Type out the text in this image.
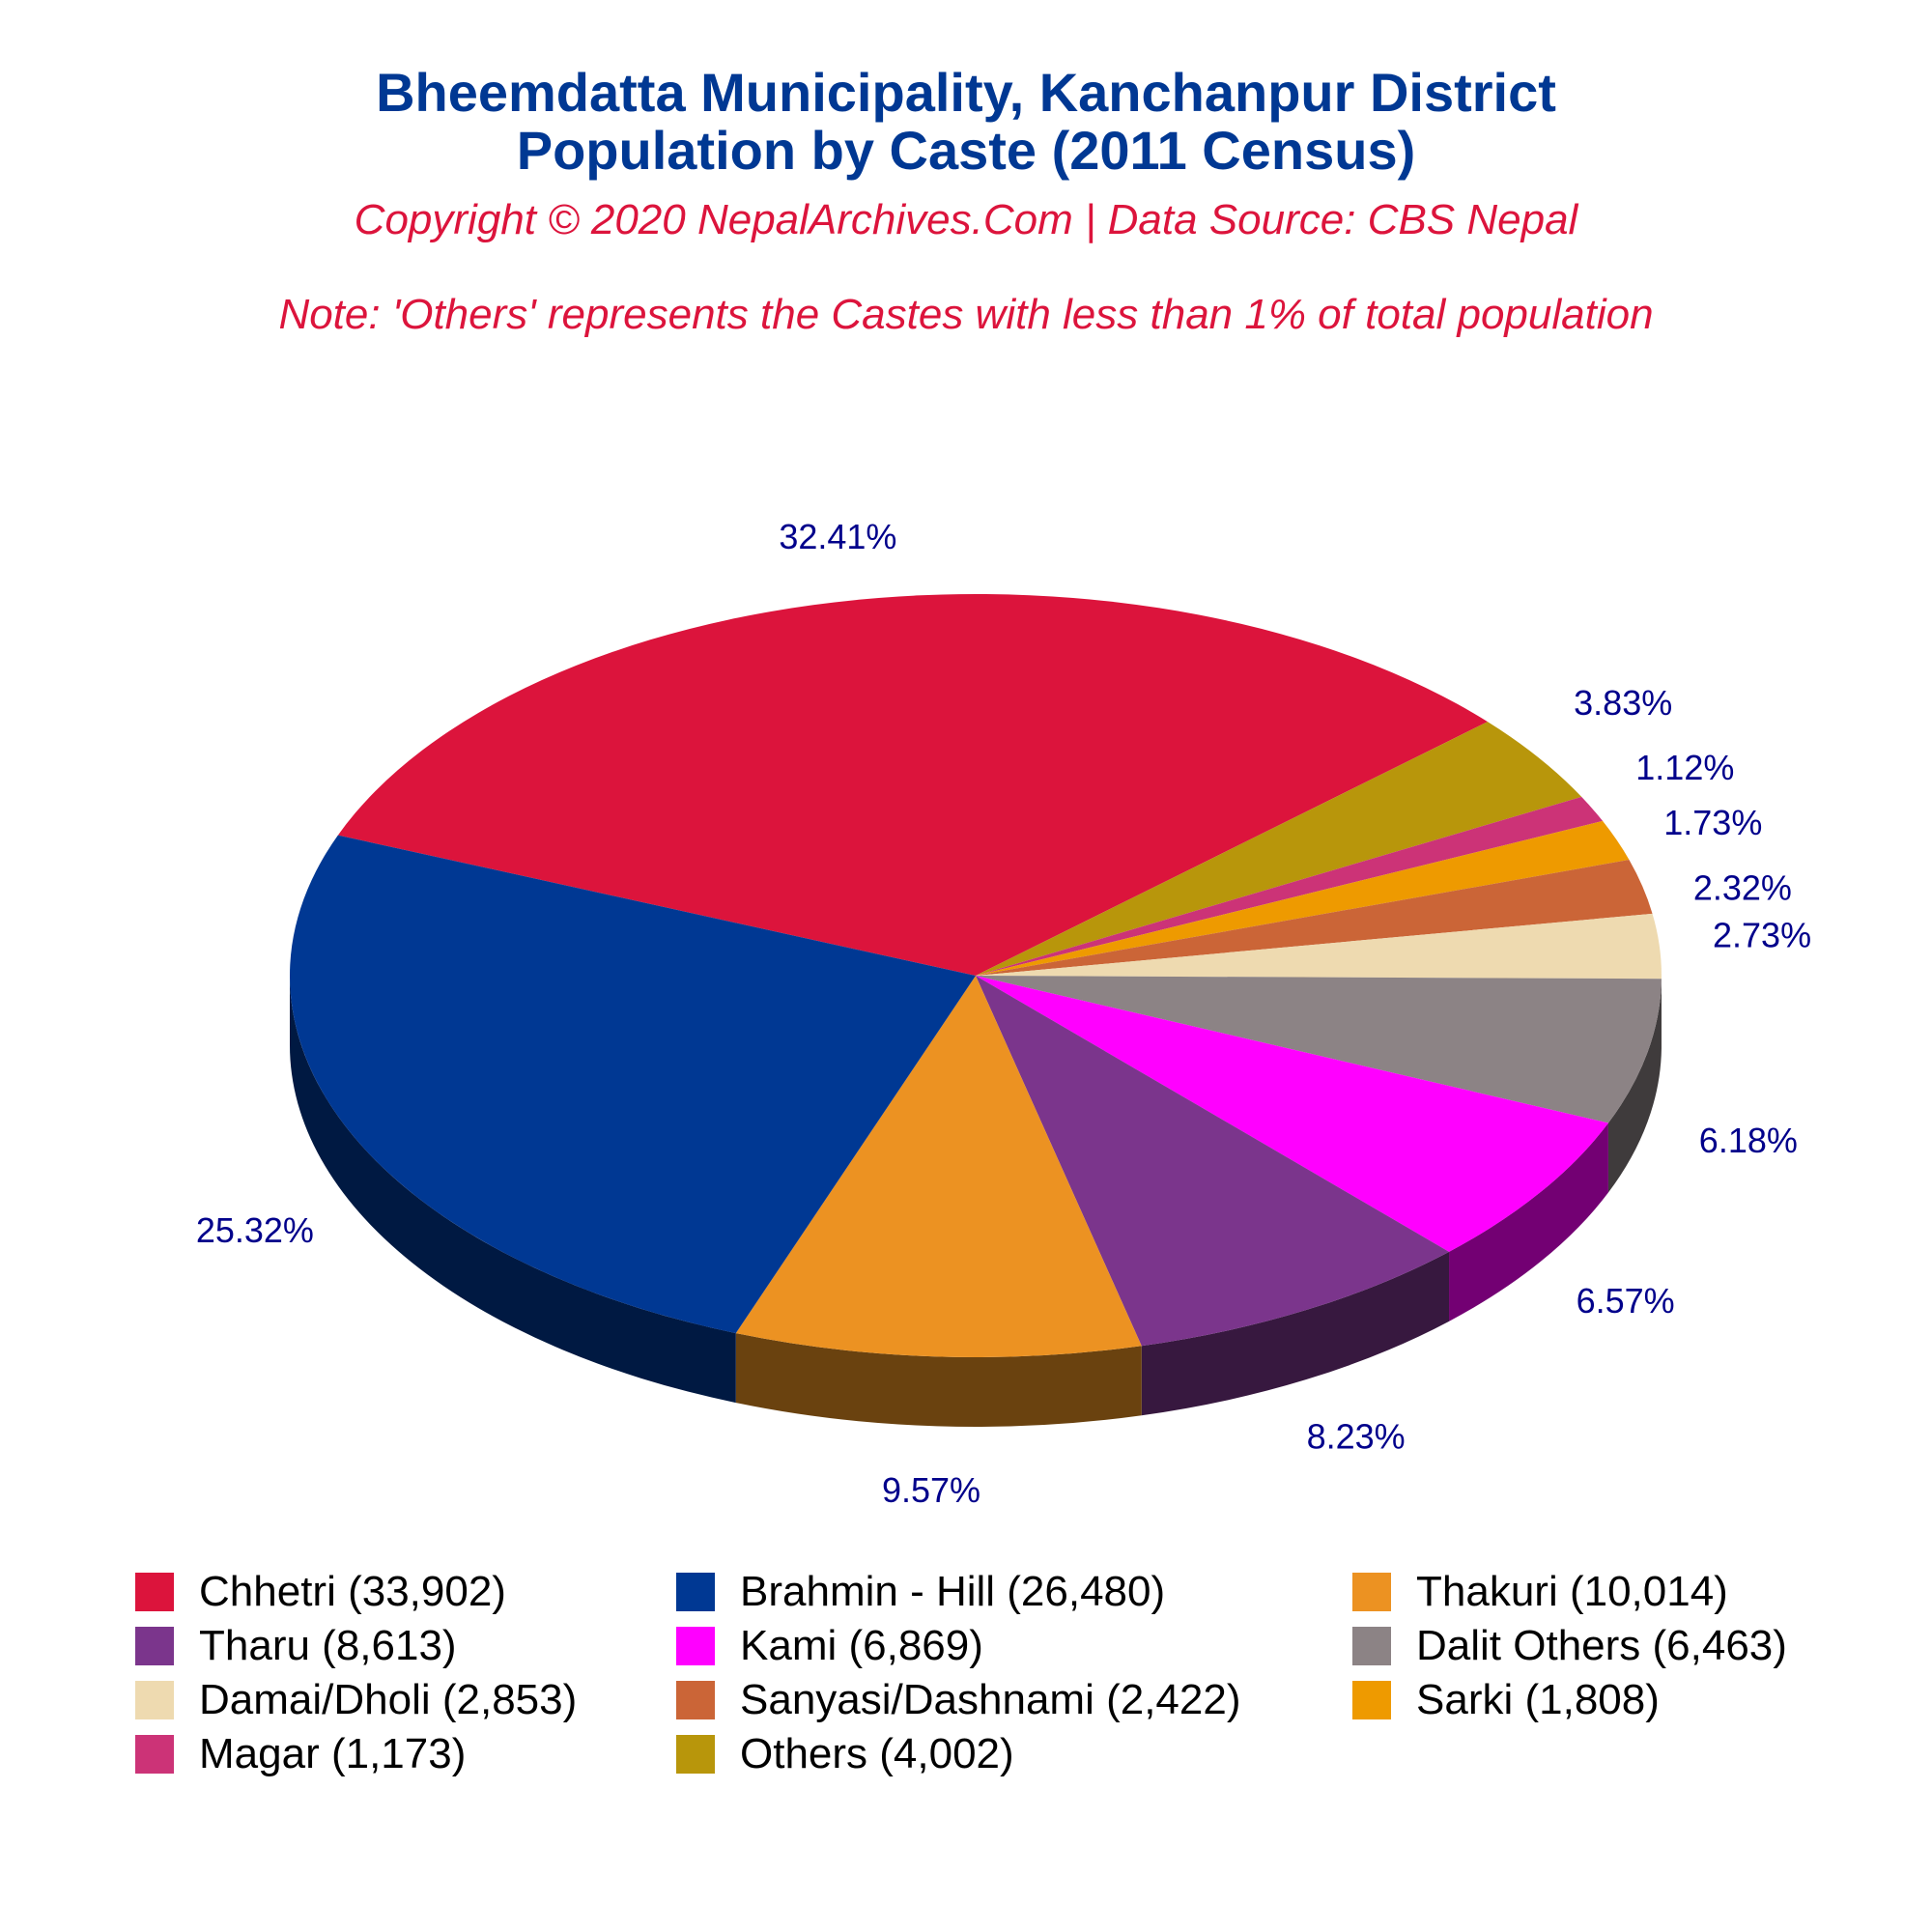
Bheemdatta Municipality, Kanchanpur District
Population by Caste (2011 Census)
Copyright © 2020 NepalArchives.Com | Data Source: CBS Nepal
Note: 'Others' represents the Castes with less than 1% of total population
32.41%
3.83%
1.12%
1.73%
2.32%
2.73%
6.18%
6.57%
8.23%
9.57%
25.32%
Chhetri (33,902)	Brahmin - Hill (26,480)	Thakuri (10,014)
Tharu (8,613)	Kami (6,869)	Dalit Others (6,463)
Damai/Dholi (2,853)	Sanyasi/Dashnami (2,422)	Sarki (1,808)
Magar (1,173)	Others (4,002)
